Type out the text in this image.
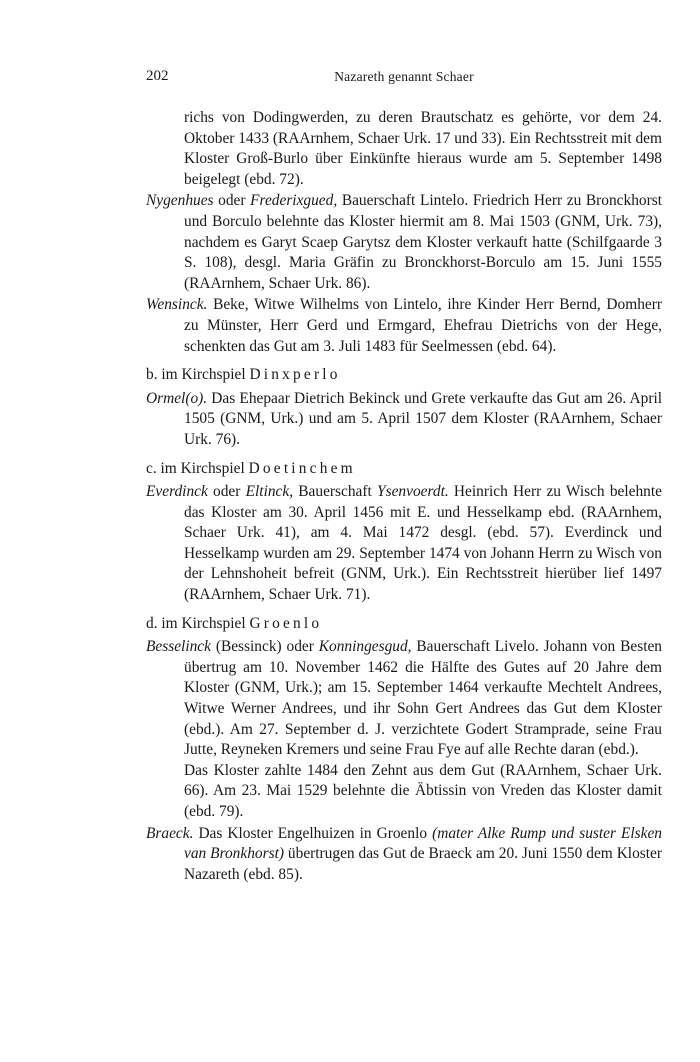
202	Nazareth genannt Schaer

richs von Dodingwerden, zu deren Brautschatz es gehörte, vor dem 24. Oktober 1433 (RAArnhem, Schaer Urk. 17 und 33). Ein Rechtsstreit mit dem Kloster Groß-Burlo über Einkünfte hieraus wurde am 5. September 1498 beigelegt (ebd. 72).

Nygenhues oder Frederixgued, Bauerschaft Lintelo. Friedrich Herr zu Bronckhorst und Borculo belehnte das Kloster hiermit am 8. Mai 1503 (GNM, Urk. 73), nachdem es Garyt Scaep Garytsz dem Kloster verkauft hatte (Schilfgaarde 3 S. 108), desgl. Maria Gräfin zu Bronckhorst-Borculo am 15. Juni 1555 (RAArnhem, Schaer Urk. 86).

Wensinck. Beke, Witwe Wilhelms von Lintelo, ihre Kinder Herr Bernd, Domherr zu Münster, Herr Gerd und Ermgard, Ehefrau Dietrichs von der Hege, schenkten das Gut am 3. Juli 1483 für Seelmessen (ebd. 64).

b. im Kirchspiel Dinxperlo

Ormel(o). Das Ehepaar Dietrich Bekinck und Grete verkaufte das Gut am 26. April 1505 (GNM, Urk.) und am 5. April 1507 dem Kloster (RAArnhem, Schaer Urk. 76).

c. im Kirchspiel Doetinchem

Everdinck oder Eltinck, Bauerschaft Ysenvoerdt. Heinrich Herr zu Wisch belehnte das Kloster am 30. April 1456 mit E. und Hesselkamp ebd. (RAArnhem, Schaer Urk. 41), am 4. Mai 1472 desgl. (ebd. 57). Everdinck und Hesselkamp wurden am 29. September 1474 von Johann Herrn zu Wisch von der Lehnshoheit befreit (GNM, Urk.). Ein Rechtsstreit hierüber lief 1497 (RAArnhem, Schaer Urk. 71).

d. im Kirchspiel Groenlo

Besselinck (Bessinck) oder Konningesgud, Bauerschaft Livelo. Johann von Besten übertrug am 10. November 1462 die Hälfte des Gutes auf 20 Jahre dem Kloster (GNM, Urk.); am 15. September 1464 verkaufte Mechtelt Andrees, Witwe Werner Andrees, und ihr Sohn Gert Andrees das Gut dem Kloster (ebd.). Am 27. September d. J. verzichtete Godert Stramprade, seine Frau Jutte, Reyneken Kremers und seine Frau Fye auf alle Rechte daran (ebd.).
Das Kloster zahlte 1484 den Zehnt aus dem Gut (RAArnhem, Schaer Urk. 66). Am 23. Mai 1529 belehnte die Äbtissin von Vreden das Kloster damit (ebd. 79).

Braeck. Das Kloster Engelhuizen in Groenlo (mater Alke Rump und suster Elsken van Bronkhorst) übertrugen das Gut de Braeck am 20. Juni 1550 dem Kloster Nazareth (ebd. 85).
